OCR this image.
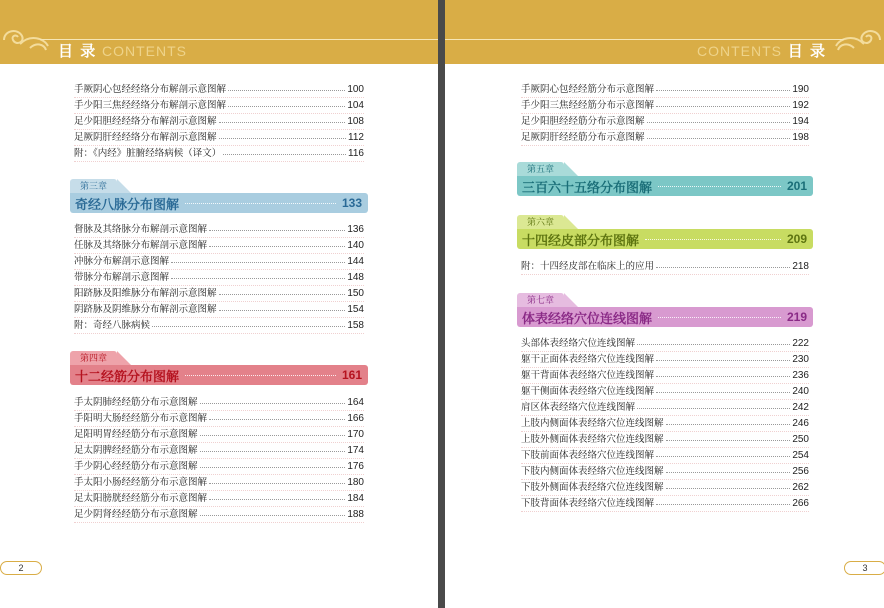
目 录 CONTENTS
手厥阴心包经经络分布解剖示意图解	100
手少阳三焦经经络分布解剖示意图解	104
足少阳胆经经络分布解剖示意图解	108
足厥阴肝经经络分布解剖示意图解	112
附：《内经》脏腑经络病候（译文）	116
第三章
奇经八脉分布图解	133
督脉及其络脉分布解剖示意图解	136
任脉及其络脉分布解剖示意图解	140
冲脉分布解剖示意图解	144
带脉分布解剖示意图解	148
阳跻脉及阳维脉分布解剖示意图解	150
阴跻脉及阴维脉分布解剖示意图解	154
附：奇经八脉病候	158
第四章
十二经筋分布图解	161
手太阴肺经经筋分布示意图解	164
手阳明大肠经经筋分布示意图解	166
足阳明胃经经筋分布示意图解	170
足太阴脾经经筋分布示意图解	174
手少阴心经经筋分布示意图解	176
手太阳小肠经经筋分布示意图解	180
足太阳膀胱经经筋分布示意图解	184
足少阴肾经经筋分布示意图解	188
2
CONTENTS 目 录
手厥阴心包经经筋分布示意图解	190
手少阳三焦经经筋分布示意图解	192
足少阳胆经经筋分布示意图解	194
足厥阴肝经经筋分布示意图解	198
第五章
三百六十五络分布图解	201
第六章
十四经皮部分布图解	209
附：十四经皮部在临床上的应用	218
第七章
体表经络穴位连线图解	219
头部体表经络穴位连线图解	222
躯干正面体表经络穴位连线图解	230
躯干背面体表经络穴位连线图解	236
躯干侧面体表经络穴位连线图解	240
肩区体表经络穴位连线图解	242
上肢内侧面体表经络穴位连线图解	246
上肢外侧面体表经络穴位连线图解	250
下肢前面体表经络穴位连线图解	254
下肢内侧面体表经络穴位连线图解	256
下肢外侧面体表经络穴位连线图解	262
下肢背面体表经络穴位连线图解	266
3
